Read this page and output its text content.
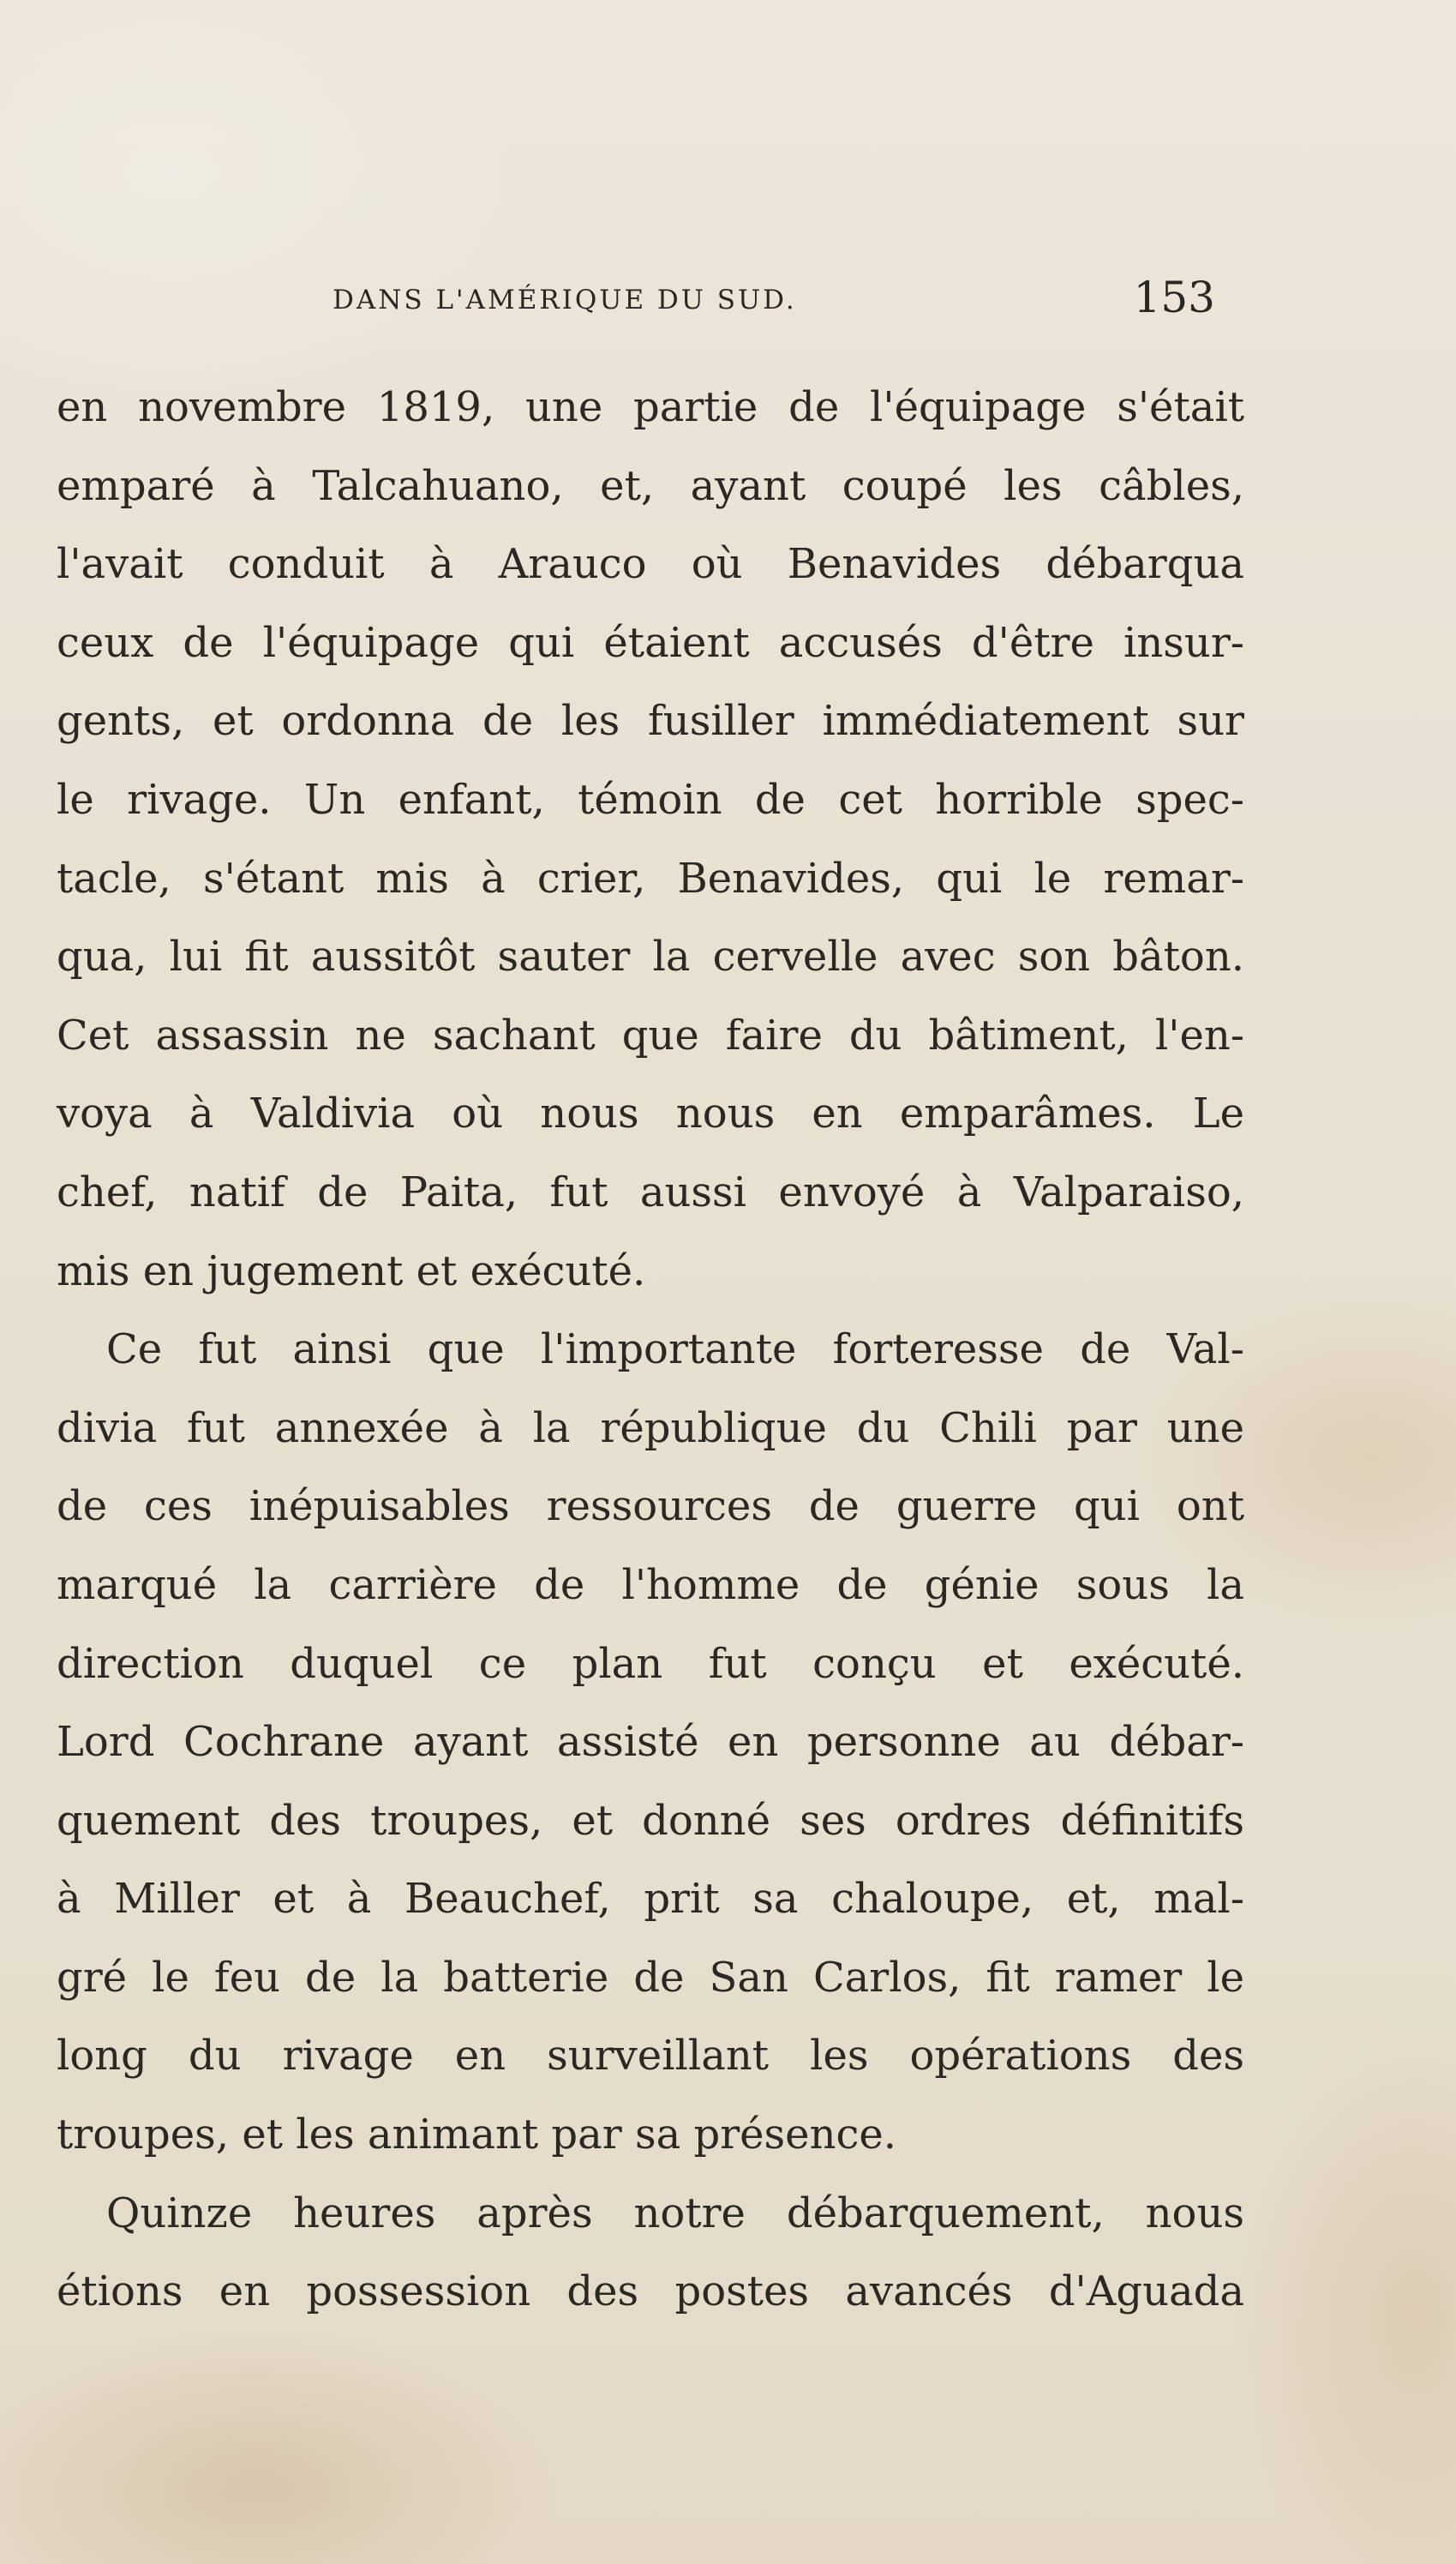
DANS L'AMÉRIQUE DU SUD.	153
en novembre 1819, une partie de l'équipage s'était
emparé à Talcahuano, et, ayant coupé les câbles,
l'avait conduit à Arauco où Benavides débarqua
ceux de l'équipage qui étaient accusés d'être insur-
gents, et ordonna de les fusiller immédiatement sur
le rivage. Un enfant, témoin de cet horrible spec-
tacle, s'étant mis à crier, Benavides, qui le remar-
qua, lui fit aussitôt sauter la cervelle avec son bâton.
Cet assassin ne sachant que faire du bâtiment, l'en-
voya à Valdivia où nous nous en emparâmes. Le
chef, natif de Paita, fut aussi envoyé à Valparaiso,
mis en jugement et exécuté.
Ce fut ainsi que l'importante forteresse de Val-
divia fut annexée à la république du Chili par une
de ces inépuisables ressources de guerre qui ont
marqué la carrière de l'homme de génie sous la
direction duquel ce plan fut conçu et exécuté.
Lord Cochrane ayant assisté en personne au débar-
quement des troupes, et donné ses ordres définitifs
à Miller et à Beauchef, prit sa chaloupe, et, mal-
gré le feu de la batterie de San Carlos, fit ramer le
long du rivage en surveillant les opérations des
troupes, et les animant par sa présence.
Quinze heures après notre débarquement, nous
étions en possession des postes avancés d'Aguada
